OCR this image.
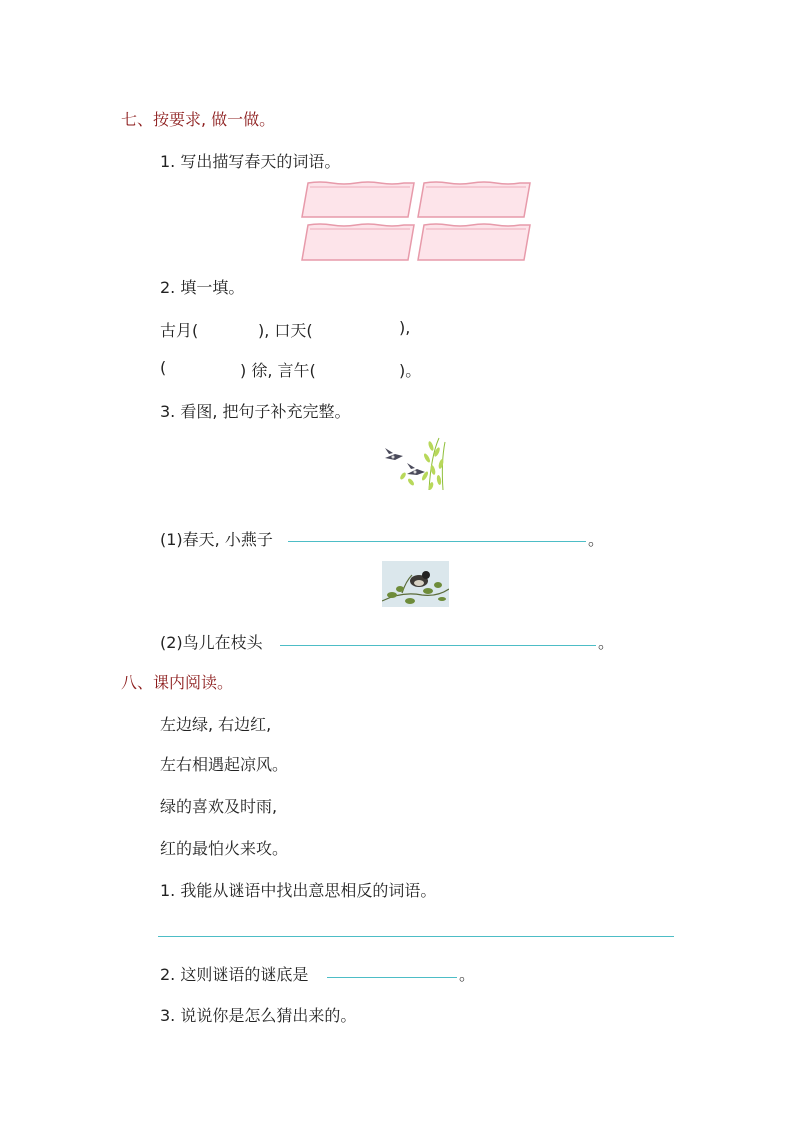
七、按要求, 做一做。
1. 写出描写春天的词语。
2. 填一填。
古月(	), 口天(	),
(	) 徐, 言午(	)。
3. 看图, 把句子补充完整。
(1)春天, 小燕子	。
(2)鸟儿在枝头	。
八、课内阅读。
左边绿, 右边红,
左右相遇起凉风。
绿的喜欢及时雨,
红的最怕火来攻。
1. 我能从谜语中找出意思相反的词语。
2. 这则谜语的谜底是	。
3. 说说你是怎么猜出来的。
